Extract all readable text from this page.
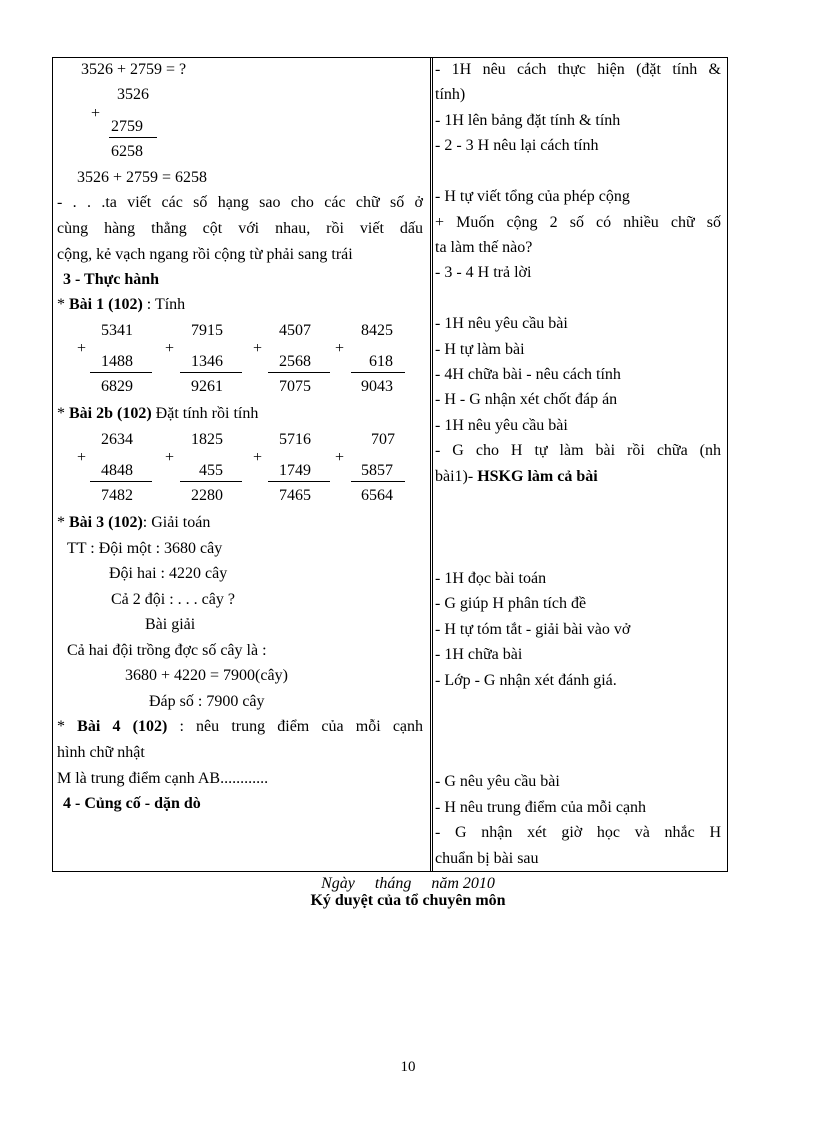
3526 + 2759 = ?
3526
+
2759
6258
3526 + 2759 = 6258
- . . .ta viết các số hạng sao cho các chữ số ở
cùng hàng thẳng cột với nhau, rồi viết dấu
cộng, kẻ vạch ngang rồi cộng từ phải sang trái
3 - Thực hành
* Bài 1 (102) : Tính
5341
+
1488
6829
7915
+
1346
9261
4507
+
2568
7075
8425
+
618
9043
* Bài 2b (102) Đặt tính rồi tính
2634
+
4848
7482
1825
+
455
2280
5716
+
1749
7465
707
+
5857
6564
* Bài 3 (102): Giải toán
TT : Đội một : 3680 cây
Đội hai : 4220 cây
Cả 2 đội : . . . cây ?
Bài giải
Cả hai đội trồng đợc số cây là :
3680 + 4220 = 7900(cây)
Đáp số : 7900 cây
* Bài 4 (102) : nêu trung điểm của mỗi cạnh
hình chữ nhật
M là trung điểm cạnh AB............
4 - Củng cố - dặn dò
- 1H nêu cách thực hiện (đặt tính &
tính)
- 1H lên bảng đặt tính & tính
- 2 - 3 H nêu lại cách tính
- H tự viết tổng của phép cộng
+ Muốn cộng 2 số có nhiều chữ số
ta làm thế nào?
- 3 - 4 H trả lời
- 1H nêu yêu cầu bài
- H tự làm bài
- 4H chữa bài - nêu cách tính
- H - G nhận xét chốt đáp án
- 1H nêu yêu cầu bài
- G cho H tự làm bài rồi chữa (nh
bài1)- HSKG làm cả bài
- 1H đọc bài toán
- G giúp H phân tích đề
- H tự tóm tắt - giải bài vào vở
- 1H chữa bài
- Lớp - G nhận xét đánh giá.
- G nêu yêu cầu bài
- H nêu trung điểm của mỗi cạnh
- G nhận xét giờ học và nhắc H
chuẩn bị bài sau
Ngày     tháng     năm 2010
Ký duyệt của tổ chuyên môn
10
